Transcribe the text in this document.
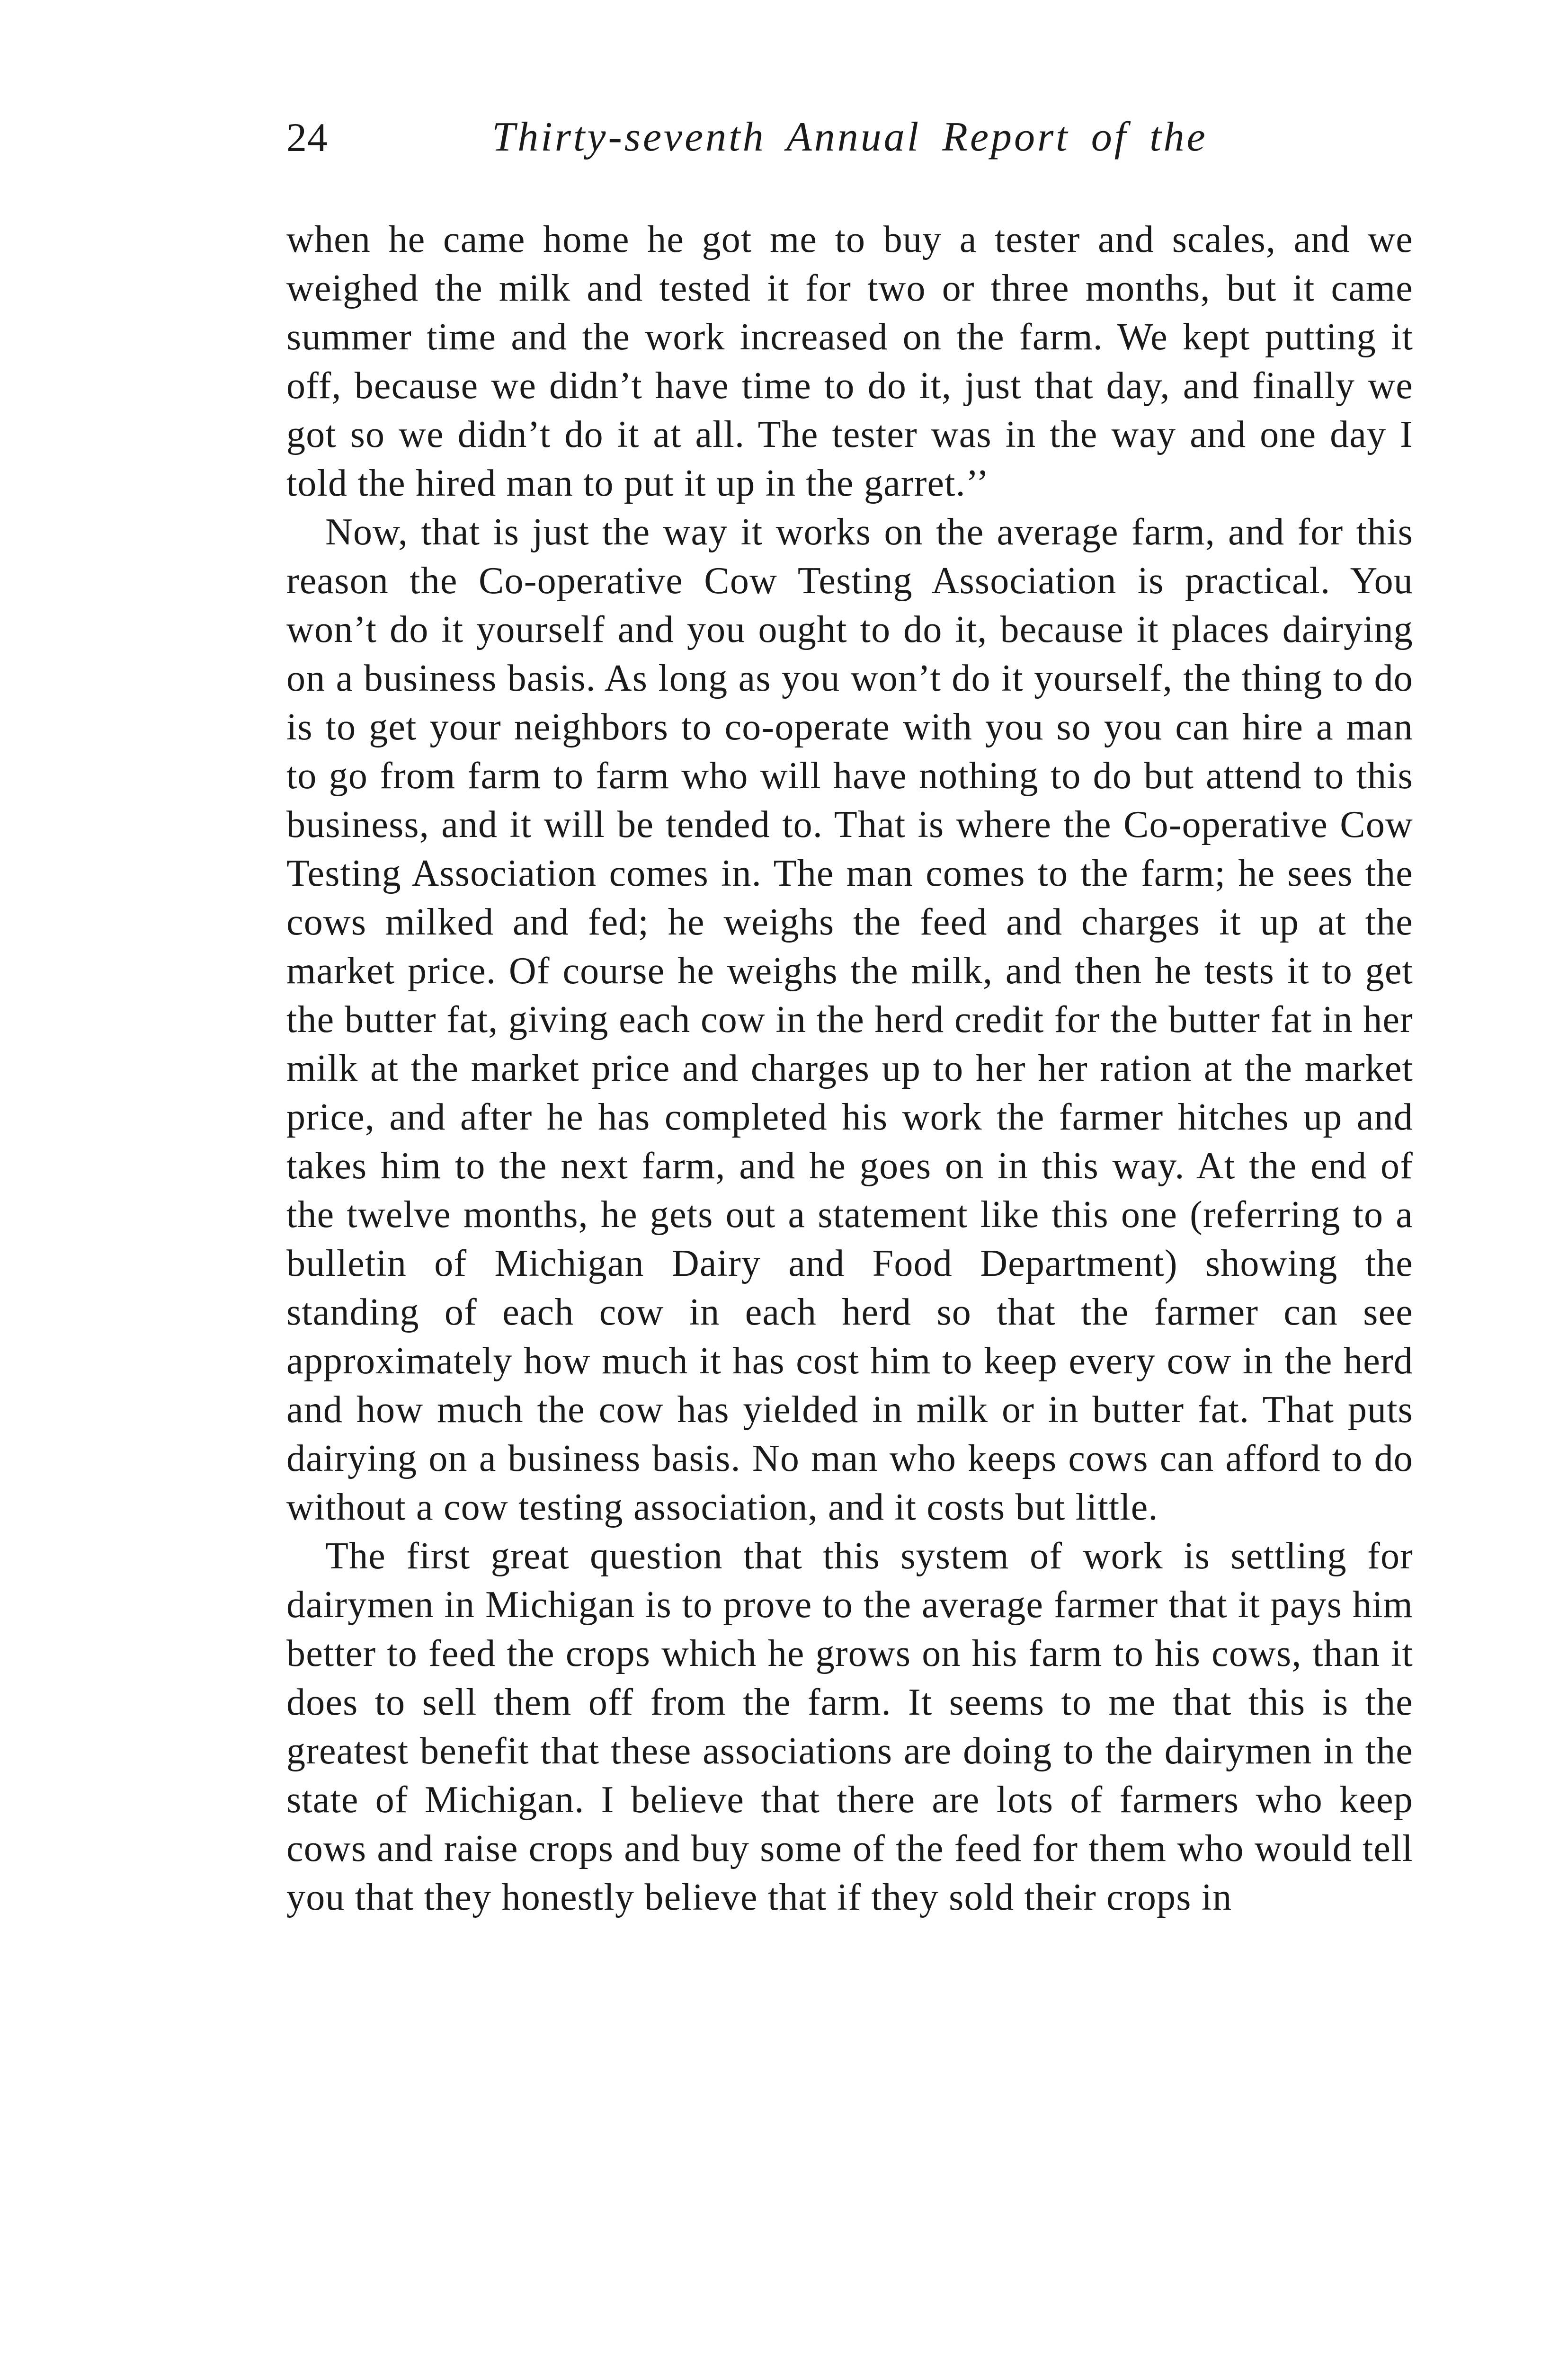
24	Thirty-seventh Annual Report of the

when he came home he got me to buy a tester and scales, and we weighed the milk and tested it for two or three months, but it came summer time and the work increased on the farm. We kept putting it off, because we didn’t have time to do it, just that day, and finally we got so we didn’t do it at all. The tester was in the way and one day I told the hired man to put it up in the garret.’’

Now, that is just the way it works on the average farm, and for this reason the Co-operative Cow Testing Association is practical. You won’t do it yourself and you ought to do it, because it places dairying on a business basis. As long as you won’t do it yourself, the thing to do is to get your neighbors to co-operate with you so you can hire a man to go from farm to farm who will have nothing to do but attend to this business, and it will be tended to. That is where the Co-operative Cow Testing Association comes in. The man comes to the farm; he sees the cows milked and fed; he weighs the feed and charges it up at the market price. Of course he weighs the milk, and then he tests it to get the butter fat, giving each cow in the herd credit for the butter fat in her milk at the market price and charges up to her her ration at the market price, and after he has completed his work the farmer hitches up and takes him to the next farm, and he goes on in this way. At the end of the twelve months, he gets out a statement like this one (referring to a bulletin of Michigan Dairy and Food Department) showing the standing of each cow in each herd so that the farmer can see approximately how much it has cost him to keep every cow in the herd and how much the cow has yielded in milk or in butter fat. That puts dairying on a business basis. No man who keeps cows can afford to do without a cow testing association, and it costs but little.

The first great question that this system of work is settling for dairymen in Michigan is to prove to the average farmer that it pays him better to feed the crops which he grows on his farm to his cows, than it does to sell them off from the farm. It seems to me that this is the greatest benefit that these associations are doing to the dairymen in the state of Michigan. I believe that there are lots of farmers who keep cows and raise crops and buy some of the feed for them who would tell you that they honestly believe that if they sold their crops in
